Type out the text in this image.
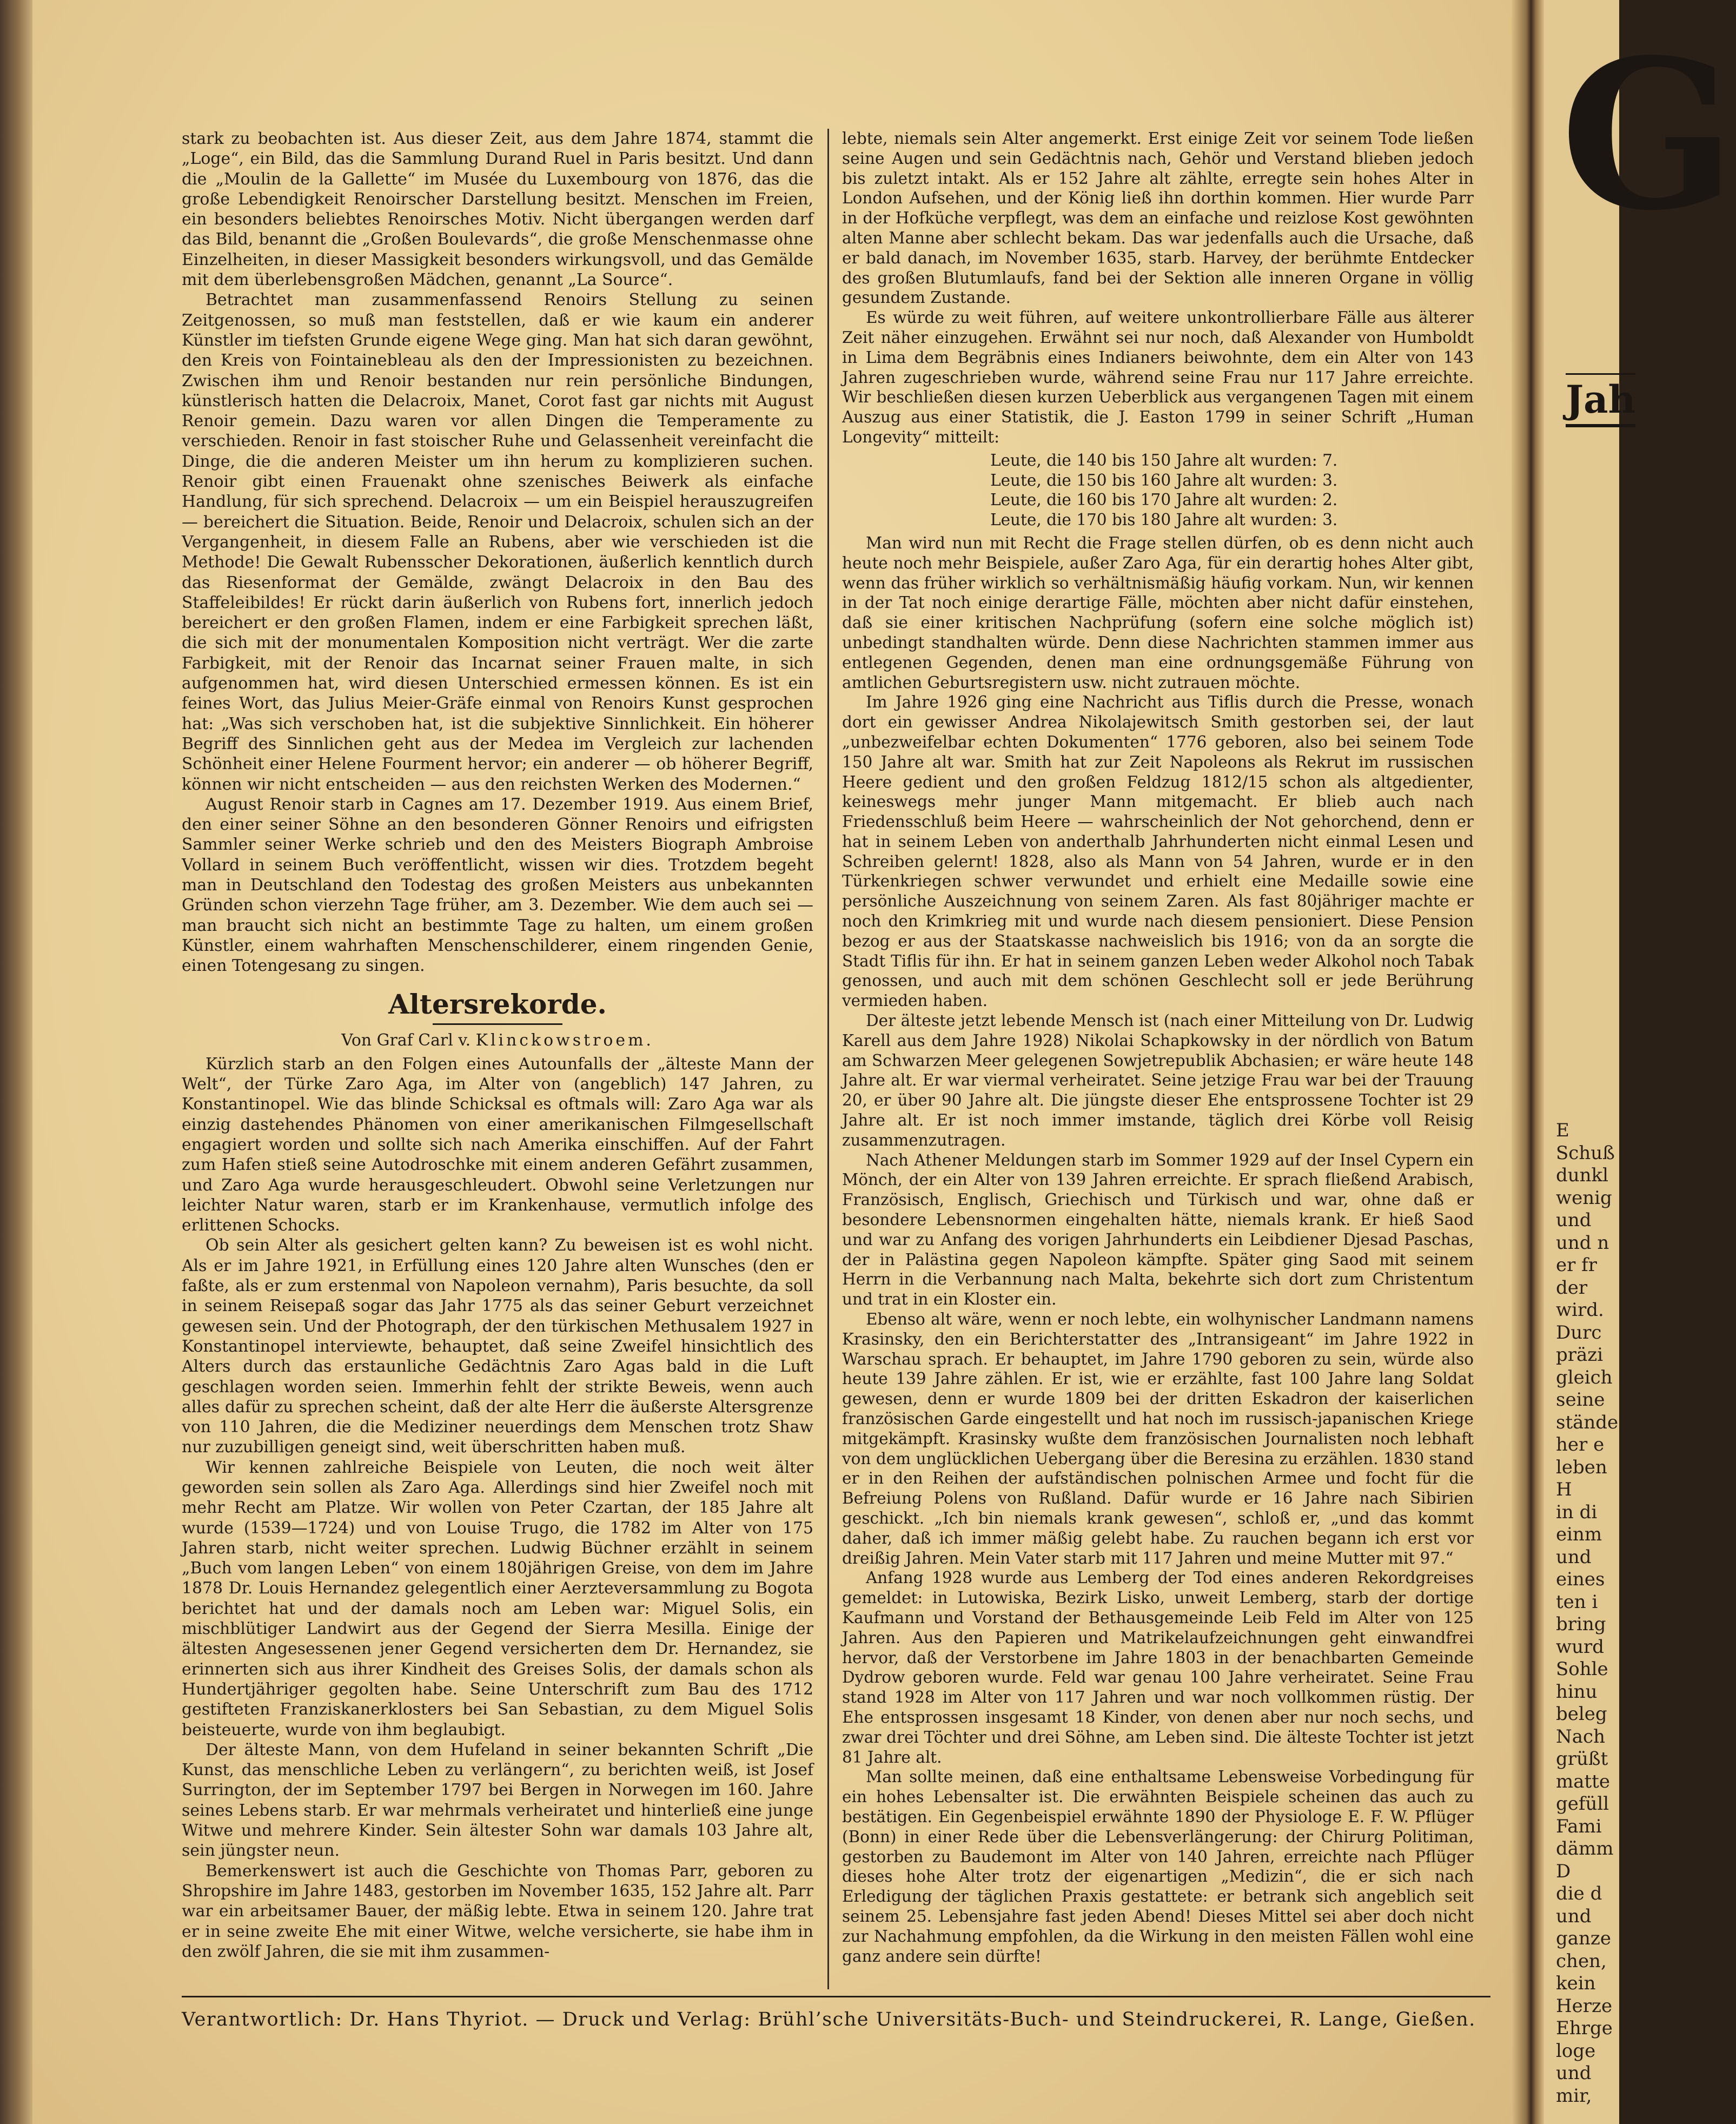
G
Jah
E
Schuß
dunkl
wenig
und
und n
er fr
der
wird.
Durc
präzi
gleich
seine
stände
her e
leben
H
in di
einm
und
eines
ten i
bring
wurd
Sohle
hinu
beleg
Nach
grüßt
matte
gefüll
Fami
dämm
D
die d
und
ganze
chen,
kein
Herze
Ehrge
loge
und
mir,

stark zu beobachten ist. Aus dieser Zeit, aus dem Jahre 1874, stammt die „Loge“, ein Bild, das die Sammlung Durand Ruel in Paris besitzt. Und dann die „Moulin de la Gallette“ im Musée du Luxembourg von 1876, das die große Lebendigkeit Renoirscher Darstellung besitzt. Menschen im Freien, ein besonders beliebtes Renoirsches Motiv. Nicht übergangen werden darf das Bild, benannt die „Großen Boulevards“, die große Menschenmasse ohne Einzelheiten, in dieser Massigkeit besonders wirkungsvoll, und das Gemälde mit dem überlebensgroßen Mädchen, genannt „La Source“.

Betrachtet man zusammenfassend Renoirs Stellung zu seinen Zeitgenossen, so muß man feststellen, daß er wie kaum ein anderer Künstler im tiefsten Grunde eigene Wege ging. Man hat sich daran gewöhnt, den Kreis von Fointainebleau als den der Impressionisten zu bezeichnen. Zwischen ihm und Renoir bestanden nur rein persönliche Bindungen, künstlerisch hatten die Delacroix, Manet, Corot fast gar nichts mit August Renoir gemein. Dazu waren vor allen Dingen die Temperamente zu verschieden. Renoir in fast stoischer Ruhe und Gelassenheit vereinfacht die Dinge, die die anderen Meister um ihn herum zu komplizieren suchen. Renoir gibt einen Frauenakt ohne szenisches Beiwerk als einfache Handlung, für sich sprechend. Delacroix — um ein Beispiel herauszugreifen — bereichert die Situation. Beide, Renoir und Delacroix, schulen sich an der Vergangenheit, in diesem Falle an Rubens, aber wie verschieden ist die Methode! Die Gewalt Rubensscher Dekorationen, äußerlich kenntlich durch das Riesenformat der Gemälde, zwängt Delacroix in den Bau des Staffeleibildes! Er rückt darin äußerlich von Rubens fort, innerlich jedoch bereichert er den großen Flamen, indem er eine Farbigkeit sprechen läßt, die sich mit der monumentalen Komposition nicht verträgt. Wer die zarte Farbigkeit, mit der Renoir das Incarnat seiner Frauen malte, in sich aufgenommen hat, wird diesen Unterschied ermessen können. Es ist ein feines Wort, das Julius Meier-Gräfe einmal von Renoirs Kunst gesprochen hat: „Was sich verschoben hat, ist die subjektive Sinnlichkeit. Ein höherer Begriff des Sinnlichen geht aus der Medea im Vergleich zur lachenden Schönheit einer Helene Fourment hervor; ein anderer — ob höherer Begriff, können wir nicht entscheiden — aus den reichsten Werken des Modernen.“

August Renoir starb in Cagnes am 17. Dezember 1919. Aus einem Brief, den einer seiner Söhne an den besonderen Gönner Renoirs und eifrigsten Sammler seiner Werke schrieb und den des Meisters Biograph Ambroise Vollard in seinem Buch veröffentlicht, wissen wir dies. Trotzdem begeht man in Deutschland den Todestag des großen Meisters aus unbekannten Gründen schon vierzehn Tage früher, am 3. Dezember. Wie dem auch sei — man braucht sich nicht an bestimmte Tage zu halten, um einem großen Künstler, einem wahrhaften Menschenschilderer, einem ringenden Genie, einen Totengesang zu singen.

Altersrekorde.

Von Graf Carl v. Klinckowstroem.

Kürzlich starb an den Folgen eines Autounfalls der „älteste Mann der Welt“, der Türke Zaro Aga, im Alter von (angeblich) 147 Jahren, zu Konstantinopel. Wie das blinde Schicksal es oftmals will: Zaro Aga war als einzig dastehendes Phänomen von einer amerikanischen Filmgesellschaft engagiert worden und sollte sich nach Amerika einschiffen. Auf der Fahrt zum Hafen stieß seine Autodroschke mit einem anderen Gefährt zusammen, und Zaro Aga wurde herausgeschleudert. Obwohl seine Verletzungen nur leichter Natur waren, starb er im Krankenhause, vermutlich infolge des erlittenen Schocks.

Ob sein Alter als gesichert gelten kann? Zu beweisen ist es wohl nicht. Als er im Jahre 1921, in Erfüllung eines 120 Jahre alten Wunsches (den er faßte, als er zum erstenmal von Napoleon vernahm), Paris besuchte, da soll in seinem Reisepaß sogar das Jahr 1775 als das seiner Geburt verzeichnet gewesen sein. Und der Photograph, der den türkischen Methusalem 1927 in Konstantinopel interviewte, behauptet, daß seine Zweifel hinsichtlich des Alters durch das erstaunliche Gedächtnis Zaro Agas bald in die Luft geschlagen worden seien. Immerhin fehlt der strikte Beweis, wenn auch alles dafür zu sprechen scheint, daß der alte Herr die äußerste Altersgrenze von 110 Jahren, die die Mediziner neuerdings dem Menschen trotz Shaw nur zuzubilligen geneigt sind, weit überschritten haben muß.

Wir kennen zahlreiche Beispiele von Leuten, die noch weit älter geworden sein sollen als Zaro Aga. Allerdings sind hier Zweifel noch mit mehr Recht am Platze. Wir wollen von Peter Czartan, der 185 Jahre alt wurde (1539—1724) und von Louise Trugo, die 1782 im Alter von 175 Jahren starb, nicht weiter sprechen. Ludwig Büchner erzählt in seinem „Buch vom langen Leben“ von einem 180jährigen Greise, von dem im Jahre 1878 Dr. Louis Hernandez gelegentlich einer Aerzteversammlung zu Bogota berichtet hat und der damals noch am Leben war: Miguel Solis, ein mischblütiger Landwirt aus der Gegend der Sierra Mesilla. Einige der ältesten Angesessenen jener Gegend versicherten dem Dr. Hernandez, sie erinnerten sich aus ihrer Kindheit des Greises Solis, der damals schon als Hundertjähriger gegolten habe. Seine Unterschrift zum Bau des 1712 gestifteten Franziskanerklosters bei San Sebastian, zu dem Miguel Solis beisteuerte, wurde von ihm beglaubigt.

Der älteste Mann, von dem Hufeland in seiner bekannten Schrift „Die Kunst, das menschliche Leben zu verlängern“, zu berichten weiß, ist Josef Surrington, der im September 1797 bei Bergen in Norwegen im 160. Jahre seines Lebens starb. Er war mehrmals verheiratet und hinterließ eine junge Witwe und mehrere Kinder. Sein ältester Sohn war damals 103 Jahre alt, sein jüngster neun.

Bemerkenswert ist auch die Geschichte von Thomas Parr, geboren zu Shropshire im Jahre 1483, gestorben im November 1635, 152 Jahre alt. Parr war ein arbeitsamer Bauer, der mäßig lebte. Etwa in seinem 120. Jahre trat er in seine zweite Ehe mit einer Witwe, welche versicherte, sie habe ihm in den zwölf Jahren, die sie mit ihm zusammen-

lebte, niemals sein Alter angemerkt. Erst einige Zeit vor seinem Tode ließen seine Augen und sein Gedächtnis nach, Gehör und Verstand blieben jedoch bis zuletzt intakt. Als er 152 Jahre alt zählte, erregte sein hohes Alter in London Aufsehen, und der König ließ ihn dorthin kommen. Hier wurde Parr in der Hofküche verpflegt, was dem an einfache und reizlose Kost gewöhnten alten Manne aber schlecht bekam. Das war jedenfalls auch die Ursache, daß er bald danach, im November 1635, starb. Harvey, der berühmte Entdecker des großen Blutumlaufs, fand bei der Sektion alle inneren Organe in völlig gesundem Zustande.

Es würde zu weit führen, auf weitere unkontrollierbare Fälle aus älterer Zeit näher einzugehen. Erwähnt sei nur noch, daß Alexander von Humboldt in Lima dem Begräbnis eines Indianers beiwohnte, dem ein Alter von 143 Jahren zugeschrieben wurde, während seine Frau nur 117 Jahre erreichte. Wir beschließen diesen kurzen Ueberblick aus vergangenen Tagen mit einem Auszug aus einer Statistik, die J. Easton 1799 in seiner Schrift „Human Longevity“ mitteilt:

Leute, die 140 bis 150 Jahre alt wurden: 7.

Leute, die 150 bis 160 Jahre alt wurden: 3.

Leute, die 160 bis 170 Jahre alt wurden: 2.

Leute, die 170 bis 180 Jahre alt wurden: 3.

Man wird nun mit Recht die Frage stellen dürfen, ob es denn nicht auch heute noch mehr Beispiele, außer Zaro Aga, für ein derartig hohes Alter gibt, wenn das früher wirklich so verhältnismäßig häufig vorkam. Nun, wir kennen in der Tat noch einige derartige Fälle, möchten aber nicht dafür einstehen, daß sie einer kritischen Nachprüfung (sofern eine solche möglich ist) unbedingt standhalten würde. Denn diese Nachrichten stammen immer aus entlegenen Gegenden, denen man eine ordnungsgemäße Führung von amtlichen Geburtsregistern usw. nicht zutrauen möchte.

Im Jahre 1926 ging eine Nachricht aus Tiflis durch die Presse, wonach dort ein gewisser Andrea Nikolajewitsch Smith gestorben sei, der laut „unbezweifelbar echten Dokumenten“ 1776 geboren, also bei seinem Tode 150 Jahre alt war. Smith hat zur Zeit Napoleons als Rekrut im russischen Heere gedient und den großen Feldzug 1812/15 schon als altgedienter, keineswegs mehr junger Mann mitgemacht. Er blieb auch nach Friedensschluß beim Heere — wahrscheinlich der Not gehorchend, denn er hat in seinem Leben von anderthalb Jahrhunderten nicht einmal Lesen und Schreiben gelernt! 1828, also als Mann von 54 Jahren, wurde er in den Türkenkriegen schwer verwundet und erhielt eine Medaille sowie eine persönliche Auszeichnung von seinem Zaren. Als fast 80jähriger machte er noch den Krimkrieg mit und wurde nach diesem pensioniert. Diese Pension bezog er aus der Staatskasse nachweislich bis 1916; von da an sorgte die Stadt Tiflis für ihn. Er hat in seinem ganzen Leben weder Alkohol noch Tabak genossen, und auch mit dem schönen Geschlecht soll er jede Berührung vermieden haben.

Der älteste jetzt lebende Mensch ist (nach einer Mitteilung von Dr. Ludwig Karell aus dem Jahre 1928) Nikolai Schapkowsky in der nördlich von Batum am Schwarzen Meer gelegenen Sowjetrepublik Abchasien; er wäre heute 148 Jahre alt. Er war viermal verheiratet. Seine jetzige Frau war bei der Trauung 20, er über 90 Jahre alt. Die jüngste dieser Ehe entsprossene Tochter ist 29 Jahre alt. Er ist noch immer imstande, täglich drei Körbe voll Reisig zusammenzutragen.

Nach Athener Meldungen starb im Sommer 1929 auf der Insel Cypern ein Mönch, der ein Alter von 139 Jahren erreichte. Er sprach fließend Arabisch, Französisch, Englisch, Griechisch und Türkisch und war, ohne daß er besondere Lebensnormen eingehalten hätte, niemals krank. Er hieß Saod und war zu Anfang des vorigen Jahrhunderts ein Leibdiener Djesad Paschas, der in Palästina gegen Napoleon kämpfte. Später ging Saod mit seinem Herrn in die Verbannung nach Malta, bekehrte sich dort zum Christentum und trat in ein Kloster ein.

Ebenso alt wäre, wenn er noch lebte, ein wolhynischer Landmann namens Krasinsky, den ein Berichterstatter des „Intransigeant“ im Jahre 1922 in Warschau sprach. Er behauptet, im Jahre 1790 geboren zu sein, würde also heute 139 Jahre zählen. Er ist, wie er erzählte, fast 100 Jahre lang Soldat gewesen, denn er wurde 1809 bei der dritten Eskadron der kaiserlichen französischen Garde eingestellt und hat noch im russisch-japanischen Kriege mitgekämpft. Krasinsky wußte dem französischen Journalisten noch lebhaft von dem unglücklichen Uebergang über die Beresina zu erzählen. 1830 stand er in den Reihen der aufständischen polnischen Armee und focht für die Befreiung Polens von Rußland. Dafür wurde er 16 Jahre nach Sibirien geschickt. „Ich bin niemals krank gewesen“, schloß er, „und das kommt daher, daß ich immer mäßig gelebt habe. Zu rauchen begann ich erst vor dreißig Jahren. Mein Vater starb mit 117 Jahren und meine Mutter mit 97.“

Anfang 1928 wurde aus Lemberg der Tod eines anderen Rekordgreises gemeldet: in Lutowiska, Bezirk Lisko, unweit Lemberg, starb der dortige Kaufmann und Vorstand der Bethausgemeinde Leib Feld im Alter von 125 Jahren. Aus den Papieren und Matrikelaufzeichnungen geht einwandfrei hervor, daß der Verstorbene im Jahre 1803 in der benachbarten Gemeinde Dydrow geboren wurde. Feld war genau 100 Jahre verheiratet. Seine Frau stand 1928 im Alter von 117 Jahren und war noch vollkommen rüstig. Der Ehe entsprossen insgesamt 18 Kinder, von denen aber nur noch sechs, und zwar drei Töchter und drei Söhne, am Leben sind. Die älteste Tochter ist jetzt 81 Jahre alt.

Man sollte meinen, daß eine enthaltsame Lebensweise Vorbedingung für ein hohes Lebensalter ist. Die erwähnten Beispiele scheinen das auch zu bestätigen. Ein Gegenbeispiel erwähnte 1890 der Physiologe E. F. W. Pflüger (Bonn) in einer Rede über die Lebensverlängerung: der Chirurg Politiman, gestorben zu Baudemont im Alter von 140 Jahren, erreichte nach Pflüger dieses hohe Alter trotz der eigenartigen „Medizin“, die er sich nach Erledigung der täglichen Praxis gestattete: er betrank sich angeblich seit seinem 25. Lebensjahre fast jeden Abend! Dieses Mittel sei aber doch nicht zur Nachahmung empfohlen, da die Wirkung in den meisten Fällen wohl eine ganz andere sein dürfte!

Verantwortlich: Dr. Hans Thyriot. — Druck und Verlag: Brühl’sche Universitäts-Buch- und Steindruckerei, R. Lange, Gießen.
